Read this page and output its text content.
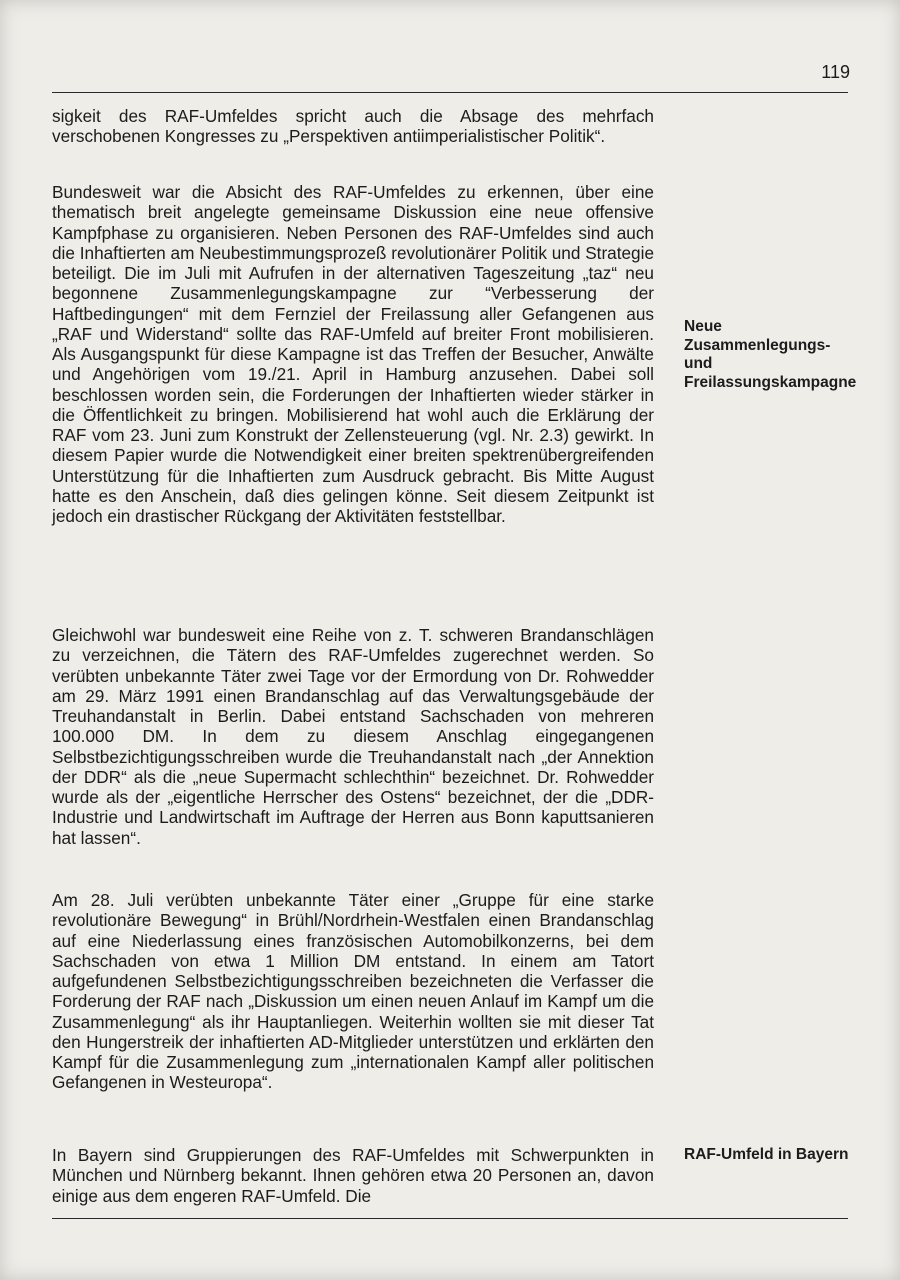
119

sigkeit des RAF-Umfeldes spricht auch die Absage des mehrfach verschobenen Kongresses zu „Perspektiven antiimperialistischer Politik“.

Bundesweit war die Absicht des RAF-Umfeldes zu erkennen, über eine thematisch breit angelegte gemeinsame Diskussion eine neue offensive Kampfphase zu organisieren. Neben Personen des RAF-Umfeldes sind auch die Inhaftierten am Neubestimmungsprozeß revolutionärer Politik und Strategie beteiligt. Die im Juli mit Aufrufen in der alternativen Tageszeitung „taz“ neu begonnene Zusammenlegungskampagne zur “Verbesserung der Haftbedingungen“ mit dem Fernziel der Freilassung aller Gefangenen aus „RAF und Widerstand“ sollte das RAF-Umfeld auf breiter Front mobilisieren. Als Ausgangspunkt für diese Kampagne ist das Treffen der Besucher, Anwälte und Angehörigen vom 19./21. April in Hamburg anzusehen. Dabei soll beschlossen worden sein, die Forderungen der Inhaftierten wieder stärker in die Öffentlichkeit zu bringen. Mobilisierend hat wohl auch die Erklärung der RAF vom 23. Juni zum Konstrukt der Zellensteuerung (vgl. Nr. 2.3) gewirkt. In diesem Papier wurde die Notwendigkeit einer breiten spektrenübergreifenden Unterstützung für die Inhaftierten zum Ausdruck gebracht. Bis Mitte August hatte es den Anschein, daß dies gelingen könne. Seit diesem Zeitpunkt ist jedoch ein drastischer Rückgang der Aktivitäten feststellbar.

Gleichwohl war bundesweit eine Reihe von z. T. schweren Brandanschlägen zu verzeichnen, die Tätern des RAF-Umfeldes zugerechnet werden. So verübten unbekannte Täter zwei Tage vor der Ermordung von Dr. Rohwedder am 29. März 1991 einen Brandanschlag auf das Verwaltungsgebäude der Treuhandanstalt in Berlin. Dabei entstand Sachschaden von mehreren 100.000 DM. In dem zu diesem Anschlag eingegangenen Selbstbezichtigungsschreiben wurde die Treuhandanstalt nach „der Annektion der DDR“ als die „neue Supermacht schlechthin“ bezeichnet. Dr. Rohwedder wurde als der „eigentliche Herrscher des Ostens“ bezeichnet, der die „DDR-Industrie und Landwirtschaft im Auftrage der Herren aus Bonn kaputtsanieren hat lassen“.

Am 28. Juli verübten unbekannte Täter einer „Gruppe für eine starke revolutionäre Bewegung“ in Brühl/Nordrhein-Westfalen einen Brandanschlag auf eine Niederlassung eines französischen Automobilkonzerns, bei dem Sachschaden von etwa 1 Million DM entstand. In einem am Tatort aufgefundenen Selbstbezichtigungsschreiben bezeichneten die Verfasser die Forderung der RAF nach „Diskussion um einen neuen Anlauf im Kampf um die Zusammenlegung“ als ihr Hauptanliegen. Weiterhin wollten sie mit dieser Tat den Hungerstreik der inhaftierten AD-Mitglieder unterstützen und erklärten den Kampf für die Zusammenlegung zum „internationalen Kampf aller politischen Gefangenen in Westeuropa“.

In Bayern sind Gruppierungen des RAF-Umfeldes mit Schwerpunkten in München und Nürnberg bekannt. Ihnen gehören etwa 20 Personen an, davon einige aus dem engeren RAF-Umfeld. Die

Neue Zusammenlegungs- und Freilassungskampagne

RAF-Umfeld in Bayern
